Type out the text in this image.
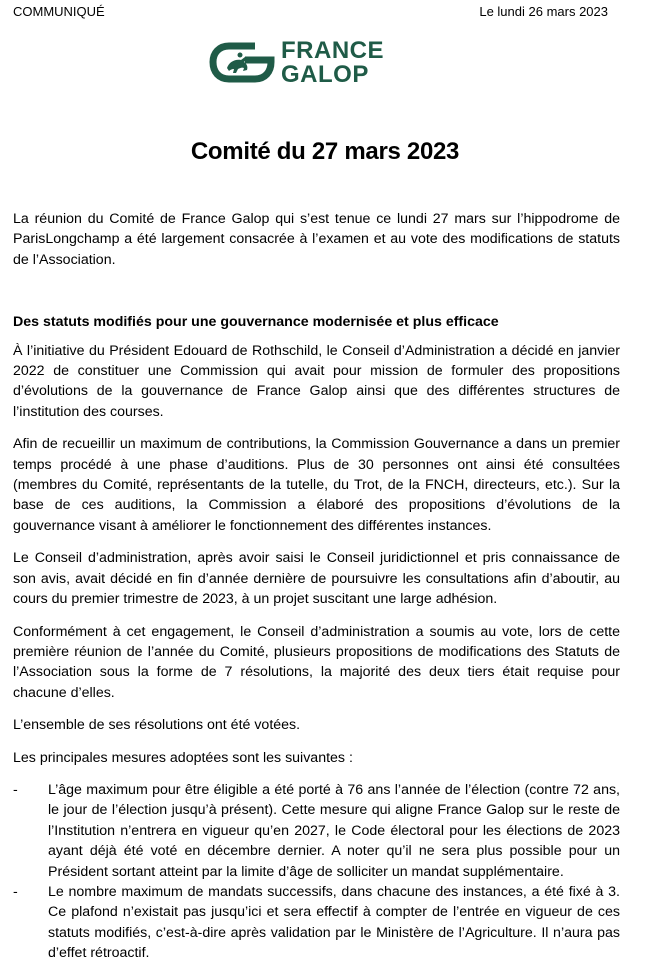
COMMUNIQUÉ	Le lundi 26 mars 2023
FRANCE
GALOP
Comité du 27 mars 2023

La réunion du Comité de France Galop qui s’est tenue ce lundi 27 mars sur l’hippodrome de ParisLongchamp a été largement consacrée à l’examen et au vote des modifications de statuts de l’Association.

Des statuts modifiés pour une gouvernance modernisée et plus efficace

À l’initiative du Président Edouard de Rothschild, le Conseil d’Administration a décidé en janvier 2022 de constituer une Commission qui avait pour mission de formuler des propositions d’évolutions de la gouvernance de France Galop ainsi que des différentes structures de l’institution des courses.

Afin de recueillir un maximum de contributions, la Commission Gouvernance a dans un premier temps procédé à une phase d’auditions. Plus de 30 personnes ont ainsi été consultées (membres du Comité, représentants de la tutelle, du Trot, de la FNCH, directeurs, etc.). Sur la base de ces auditions, la Commission a élaboré des propositions d’évolutions de la gouvernance visant à améliorer le fonctionnement des différentes instances.

Le Conseil d’administration, après avoir saisi le Conseil juridictionnel et pris connaissance de son avis, avait décidé en fin d’année dernière de poursuivre les consultations afin d’aboutir, au cours du premier trimestre de 2023, à un projet suscitant une large adhésion.

Conformément à cet engagement, le Conseil d’administration a soumis au vote, lors de cette première réunion de l’année du Comité, plusieurs propositions de modifications des Statuts de l’Association sous la forme de 7 résolutions, la majorité des deux tiers était requise pour chacune d’elles.

L’ensemble de ses résolutions ont été votées.

Les principales mesures adoptées sont les suivantes :

- L’âge maximum pour être éligible a été porté à 76 ans l’année de l’élection (contre 72 ans, le jour de l’élection jusqu’à présent). Cette mesure qui aligne France Galop sur le reste de l’Institution n’entrera en vigueur qu’en 2027, le Code électoral pour les élections de 2023 ayant déjà été voté en décembre dernier. A noter qu’il ne sera plus possible pour un Président sortant atteint par la limite d’âge de solliciter un mandat supplémentaire.
- Le nombre maximum de mandats successifs, dans chacune des instances, a été fixé à 3. Ce plafond n’existait pas jusqu’ici et sera effectif à compter de l’entrée en vigueur de ces statuts modifiés, c’est-à-dire après validation par le Ministère de l’Agriculture. Il n’aura pas d’effet rétroactif.
